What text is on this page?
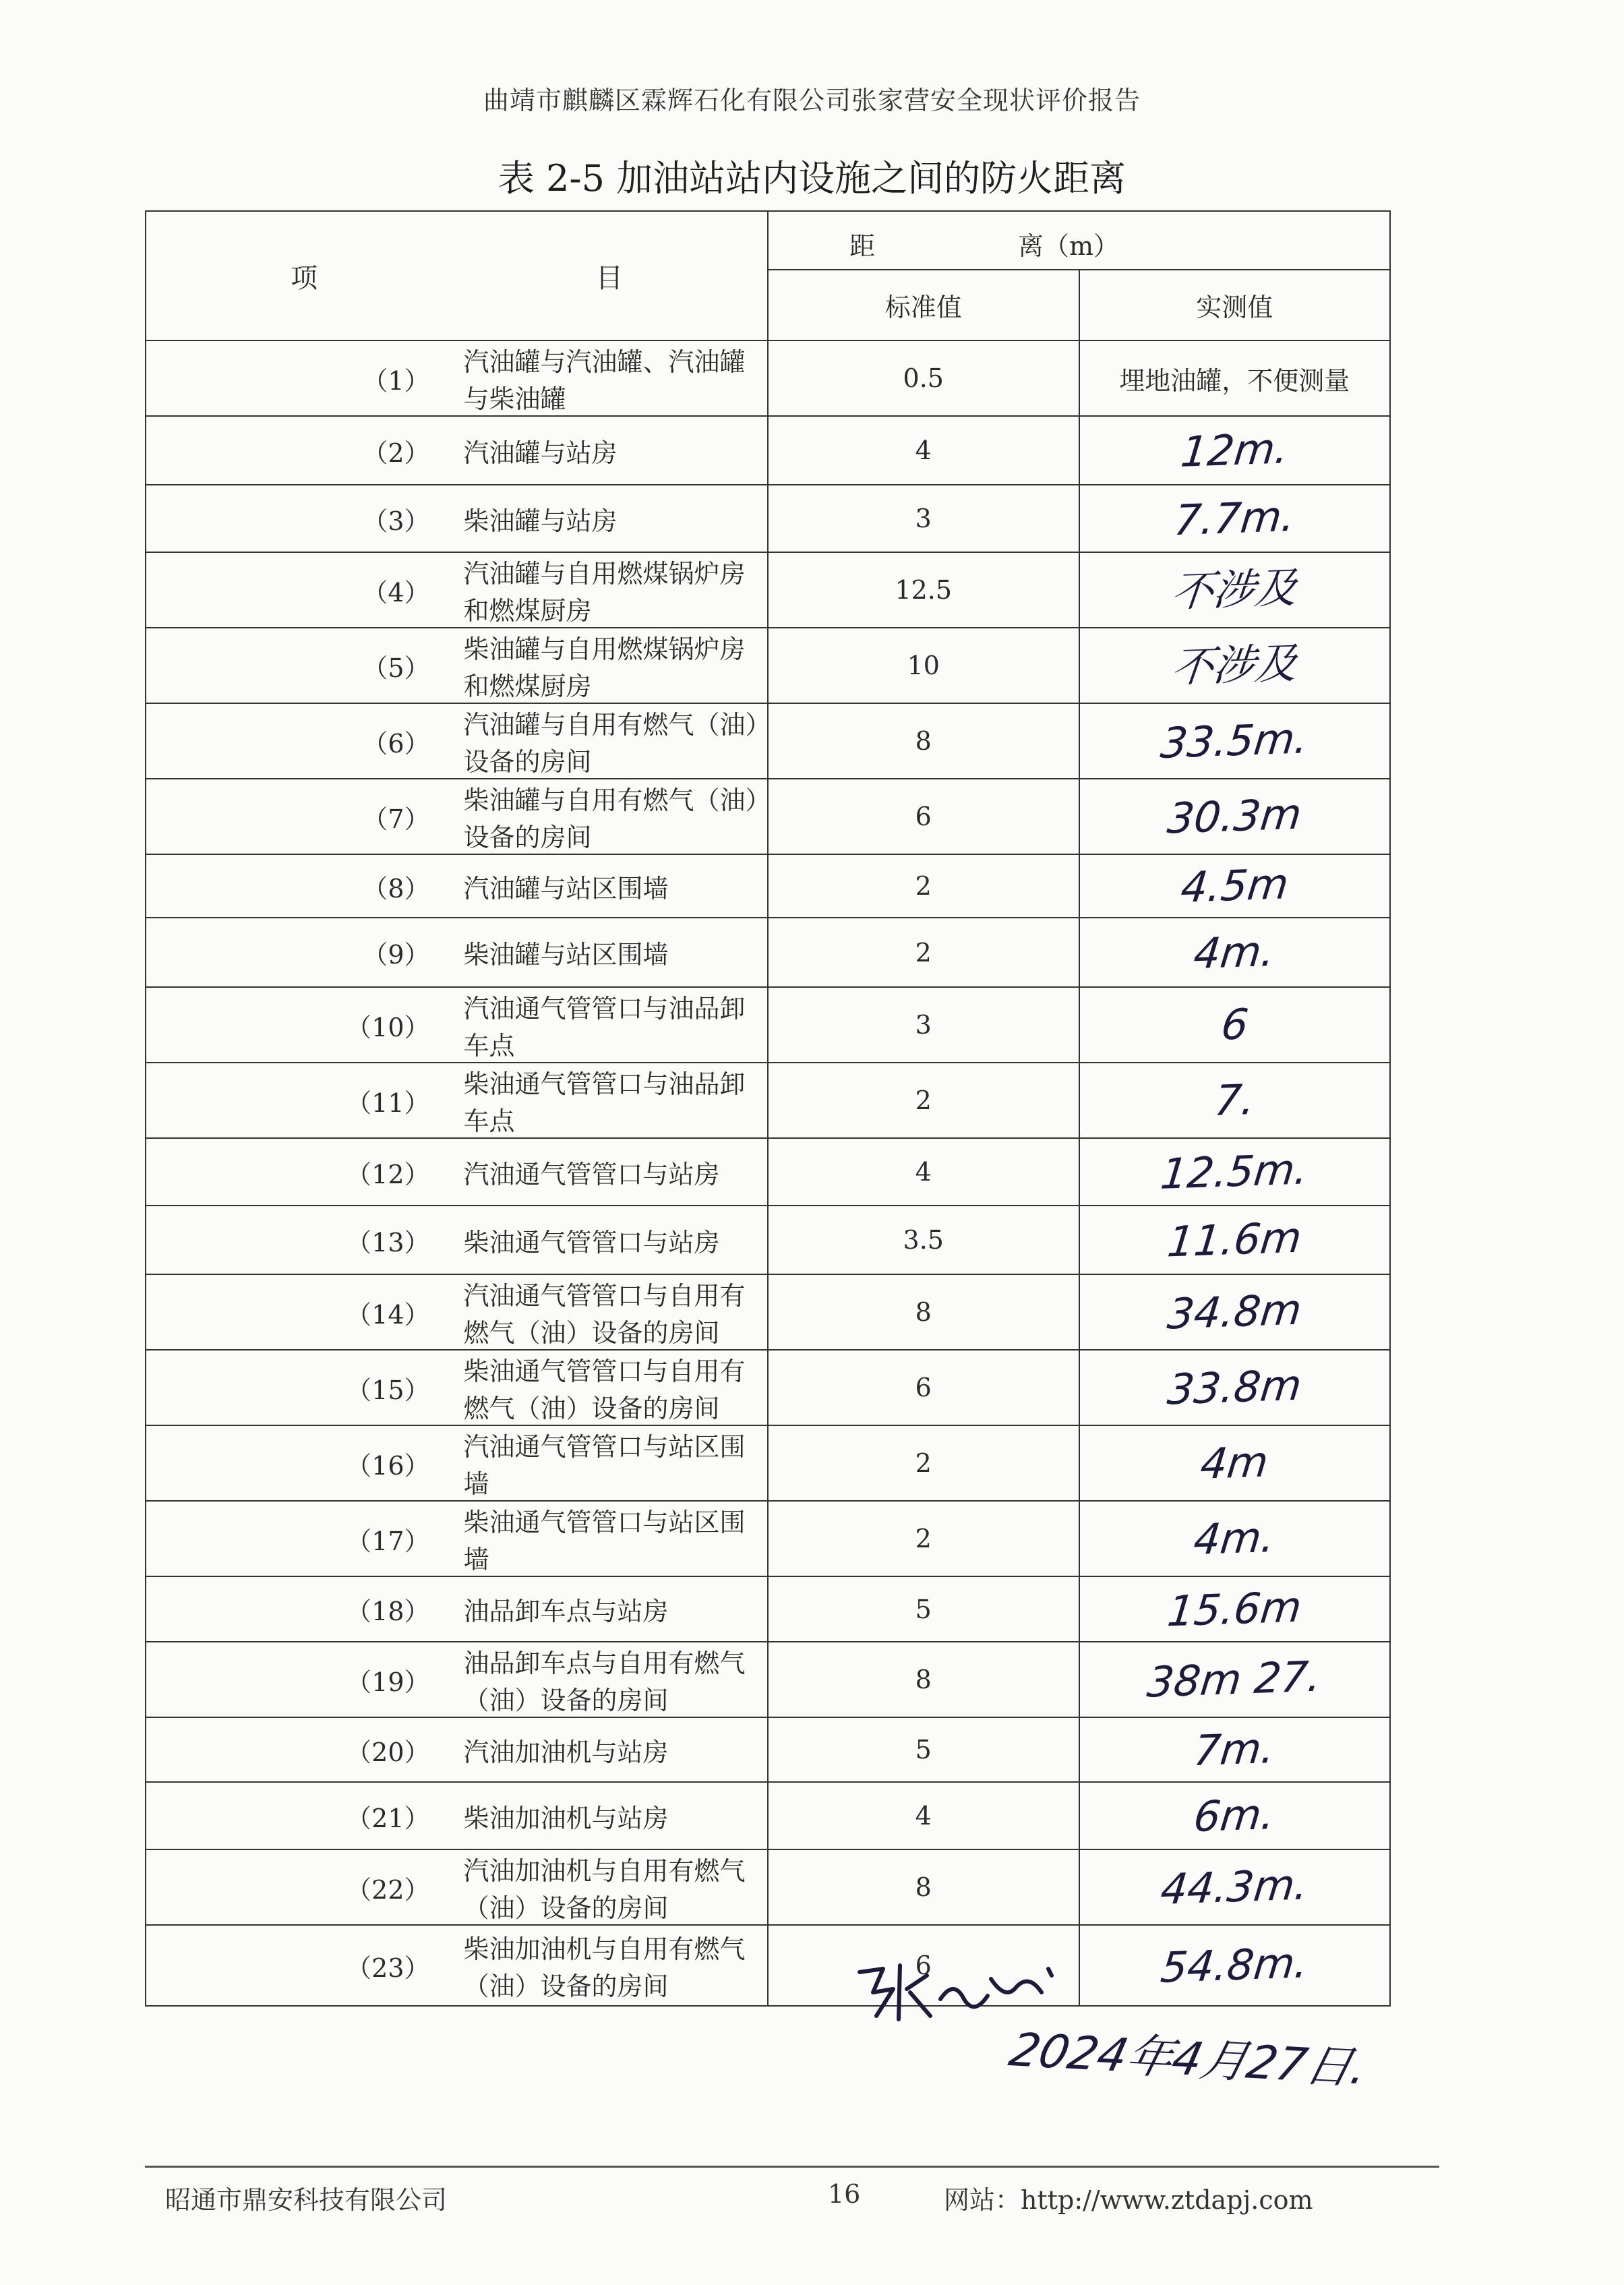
曲靖市麒麟区霖辉石化有限公司张家营安全现状评价报告
表 2-5 加油站站内设施之间的防火距离
项 目		距 离（m）	

		标准值	实测值
（1）	汽油罐与汽油罐、汽油罐与柴油罐	0.5	埋地油罐，不便测量
（2）	汽油罐与站房	4	12m.
（3）	柴油罐与站房	3	7.7m.
（4）	汽油罐与自用燃煤锅炉房和燃煤厨房	12.5	不涉及
（5）	柴油罐与自用燃煤锅炉房和燃煤厨房	10	不涉及
（6）	汽油罐与自用有燃气（油）设备的房间	8	33.5m.
（7）	柴油罐与自用有燃气（油）设备的房间	6	30.3m
（8）	汽油罐与站区围墙	2	4.5m
（9）	柴油罐与站区围墙	2	4m.
（10）	汽油通气管管口与油品卸车点	3	6
（11）	柴油通气管管口与油品卸车点	2	7.
（12）	汽油通气管管口与站房	4	12.5m.
（13）	柴油通气管管口与站房	3.5	11.6m
（14）	汽油通气管管口与自用有燃气（油）设备的房间	8	34.8m
（15）	柴油通气管管口与自用有燃气（油）设备的房间	6	33.8m
（16）	汽油通气管管口与站区围墙	2	4m
（17）	柴油通气管管口与站区围墙	2	4m.
（18）	油品卸车点与站房	5	15.6m
（19）	油品卸车点与自用有燃气（油）设备的房间	8	38m 27.
（20）	汽油加油机与站房	5	7m.
（21）	柴油加油机与站房	4	6m.
（22）	汽油加油机与自用有燃气（油）设备的房间	8	44.3m.
（23）	柴油加油机与自用有燃气（油）设备的房间	6	54.8m.
2024年4月27日.
昭通市鼎安科技有限公司	16	网站：http://www.ztdapj.com
